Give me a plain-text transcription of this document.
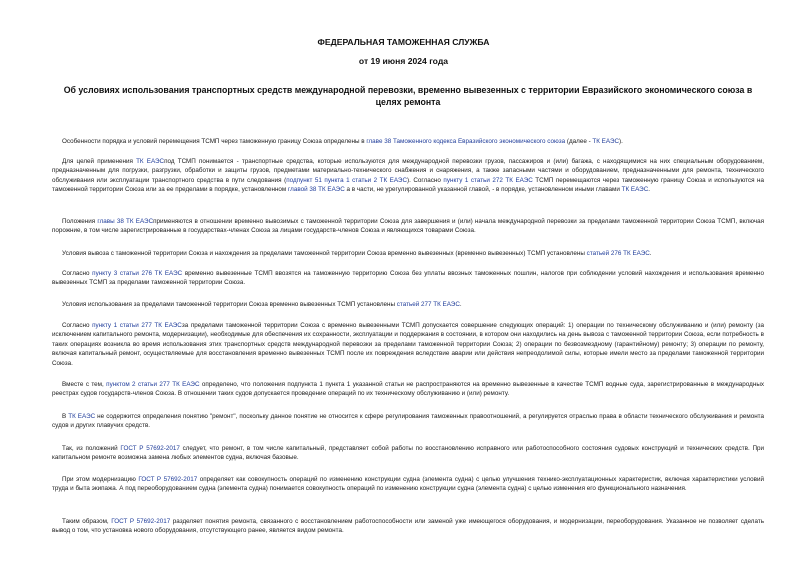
ФЕДЕРАЛЬНАЯ ТАМОЖЕННАЯ СЛУЖБА

от 19 июня 2024 года

Об условиях использования транспортных средств международной перевозки, временно вывезенных с территории Евразийского экономического союза в целях ремонта

Особенности порядка и условий перемещения ТСМП через таможенную границу Союза определены в главе 38 Таможенного кодекса Евразийского экономического союза (далее - ТК ЕАЭС).

Для целей применения ТК ЕАЭСпод ТСМП понимается - транспортные средства, которые используются для международной перевозки грузов, пассажиров и (или) багажа, с находящимися на них специальным оборудованием, предназначенным для погрузки, разгрузки, обработки и защиты грузов, предметами материально-технического снабжения и снаряжения, а также запасными частями и оборудованием, предназначенными для ремонта, технического обслуживания или эксплуатации транспортного средства в пути следования (подпункт 51 пункта 1 статьи 2 ТК ЕАЭС). Согласно пункту 1 статьи 272 ТК ЕАЭС ТСМП перемещаются через таможенную границу Союза и используются на таможенной территории Союза или за ее пределами в порядке, установленном главой 38 ТК ЕАЭС а в части, не урегулированной указанной главой, - в порядке, установленном иными главами ТК ЕАЭС.

Положения главы 38 ТК ЕАЭСприменяются в отношении временно вывозимых с таможенной территории Союза для завершения и (или) начала международной перевозки за пределами таможенной территории Союза ТСМП, включая порожние, в том числе зарегистрированные в государствах-членах Союза за лицами государств-членов Союза и являющихся товарами Союза.

Условия вывоза с таможенной территории Союза и нахождения за пределами таможенной территории Союза временно вывезенных (временно вывезенных) ТСМП установлены статьей 276 ТК ЕАЭС.

Согласно пункту 3 статьи 276 ТК ЕАЭС временно вывезенные ТСМП ввозятся на таможенную территорию Союза без уплаты ввозных таможенных пошлин, налогов при соблюдении условий нахождения и использования временно вывезенных ТСМП за пределами таможенной территории Союза.

Условия использования за пределами таможенной территории Союза временно вывезенных ТСМП установлены статьей 277 ТК ЕАЭС.

Согласно пункту 1 статьи 277 ТК ЕАЭСза пределами таможенной территории Союза с временно вывезенными ТСМП допускается совершение следующих операций: 1) операции по техническому обслуживанию и (или) ремонту (за исключением капитального ремонта, модернизации), необходимые для обеспечения их сохранности, эксплуатации и поддержания в состоянии, в котором они находились на день вывоза с таможенной территории Союза, если потребность в таких операциях возникла во время использования этих транспортных средств международной перевозки за пределами таможенной территории Союза; 2) операции по безвозмездному (гарантийному) ремонту; 3) операции по ремонту, включая капитальный ремонт, осуществляемые для восстановления временно вывезенных ТСМП после их повреждения вследствие аварии или действия непреодолимой силы, которые имели место за пределами таможенной территории Союза.

Вместе с тем, пунктом 2 статьи 277 ТК ЕАЭС определено, что положения подпункта 1 пункта 1 указанной статьи не распространяются на временно вывезенные в качестве ТСМП водные суда, зарегистрированные в международных реестрах судов государств-членов Союза. В отношении таких судов допускается проведение операций по их техническому обслуживанию и (или) ремонту.

В ТК ЕАЭС не содержится определения понятию "ремонт", поскольку данное понятие не относится к сфере регулирования таможенных правоотношений, а регулируется отраслью права в области технического обслуживания и ремонта судов и других плавучих средств.

Так, из положений ГОСТ Р 57692-2017 следует, что ремонт, в том числе капитальный, представляет собой работы по восстановлению исправного или работоспособного состояния судовых конструкций и технических средств. При капитальном ремонте возможна замена любых элементов судна, включая базовые.

При этом модернизацию ГОСТ Р 57692-2017 определяет как совокупность операций по изменению конструкции судна (элемента судна) с целью улучшения технико-эксплуатационных характеристик, включая характеристики условий труда и быта экипажа. А под переоборудованием судна (элемента судна) понимается совокупность операций по изменению конструкции судна (элемента судна) с целью изменения его функционального назначения.

Таким образом, ГОСТ Р 57692-2017 разделяет понятия ремонта, связанного с восстановлением работоспособности или заменой уже имеющегося оборудования, и модернизации, переоборудования. Указанное не позволяет сделать вывод о том, что установка нового оборудования, отсутствующего ранее, является видом ремонта.
